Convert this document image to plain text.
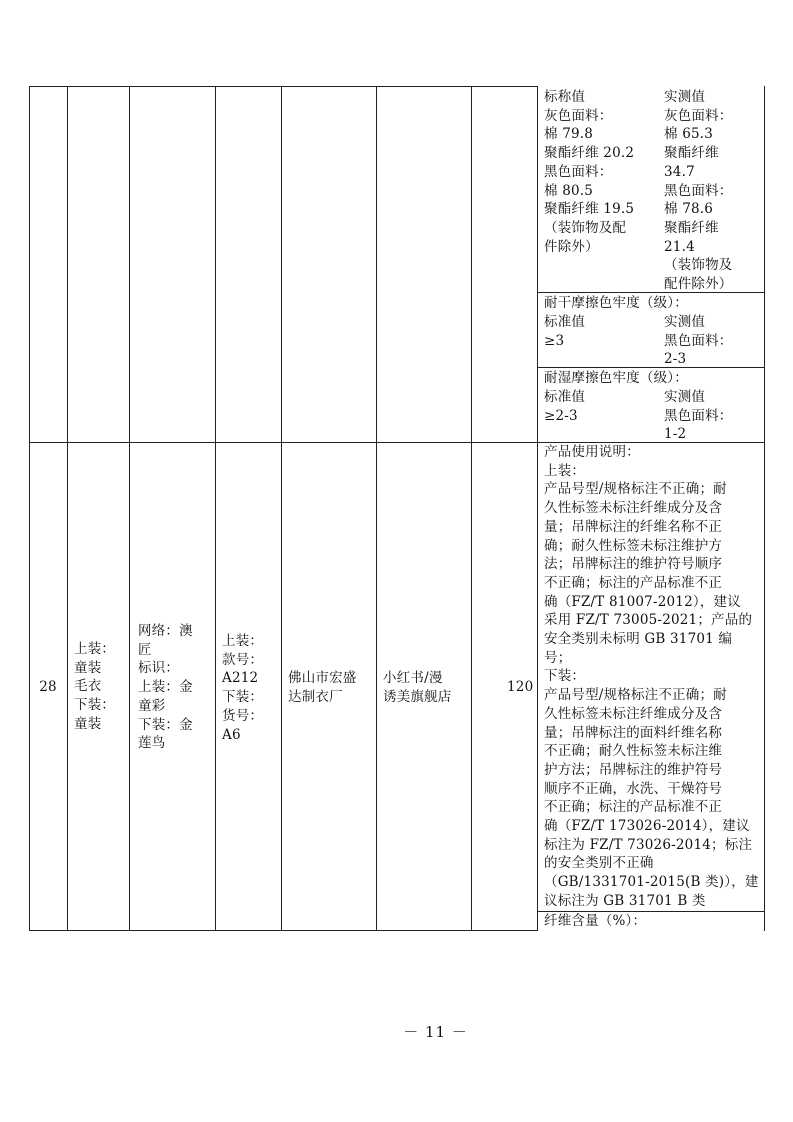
标称值
灰色面料：
棉 79.8
聚酯纤维 20.2
黑色面料：
棉 80.5
聚酯纤维 19.5
（装饰物及配
件除外）
实测值
灰色面料：
棉 65.3
聚酯纤维
34.7
黑色面料：
棉 78.6
聚酯纤维
21.4
（装饰物及
配件除外）
耐干摩擦色牢度（级）：
标准值
≥3
实测值
黑色面料：
2-3
耐湿摩擦色牢度（级）：
标准值
≥2-3
实测值
黑色面料：
1-2
28
上装：
童装
毛衣
下装：
童装
网络：澳
匠
标识：
上装：金
童彩
下装：金
莲鸟
上装：
款号：
A212
下装：
货号：
A6
佛山市宏盛
达制衣厂
小红书/漫
诱美旗舰店
120
产品使用说明：
上装：
产品号型/规格标注不正确；耐
久性标签未标注纤维成分及含
量；吊牌标注的纤维名称不正
确；耐久性标签未标注维护方
法；吊牌标注的维护符号顺序
不正确；标注的产品标准不正
确（FZ/T 81007-2012），建议
采用 FZ/T 73005-2021；产品的
安全类别未标明 GB 31701 编
号；
下装：
产品号型/规格标注不正确；耐
久性标签未标注纤维成分及含
量；吊牌标注的面料纤维名称
不正确；耐久性标签未标注维
护方法；吊牌标注的维护符号
顺序不正确，水洗、干燥符号
不正确；标注的产品标准不正
确（FZ/T 173026-2014），建议
标注为 FZ/T 73026-2014；标注
的安全类别不正确
（GB/1331701-2015(B 类)），建
议标注为 GB 31701 B 类
纤维含量（%）：
－ 11 －
